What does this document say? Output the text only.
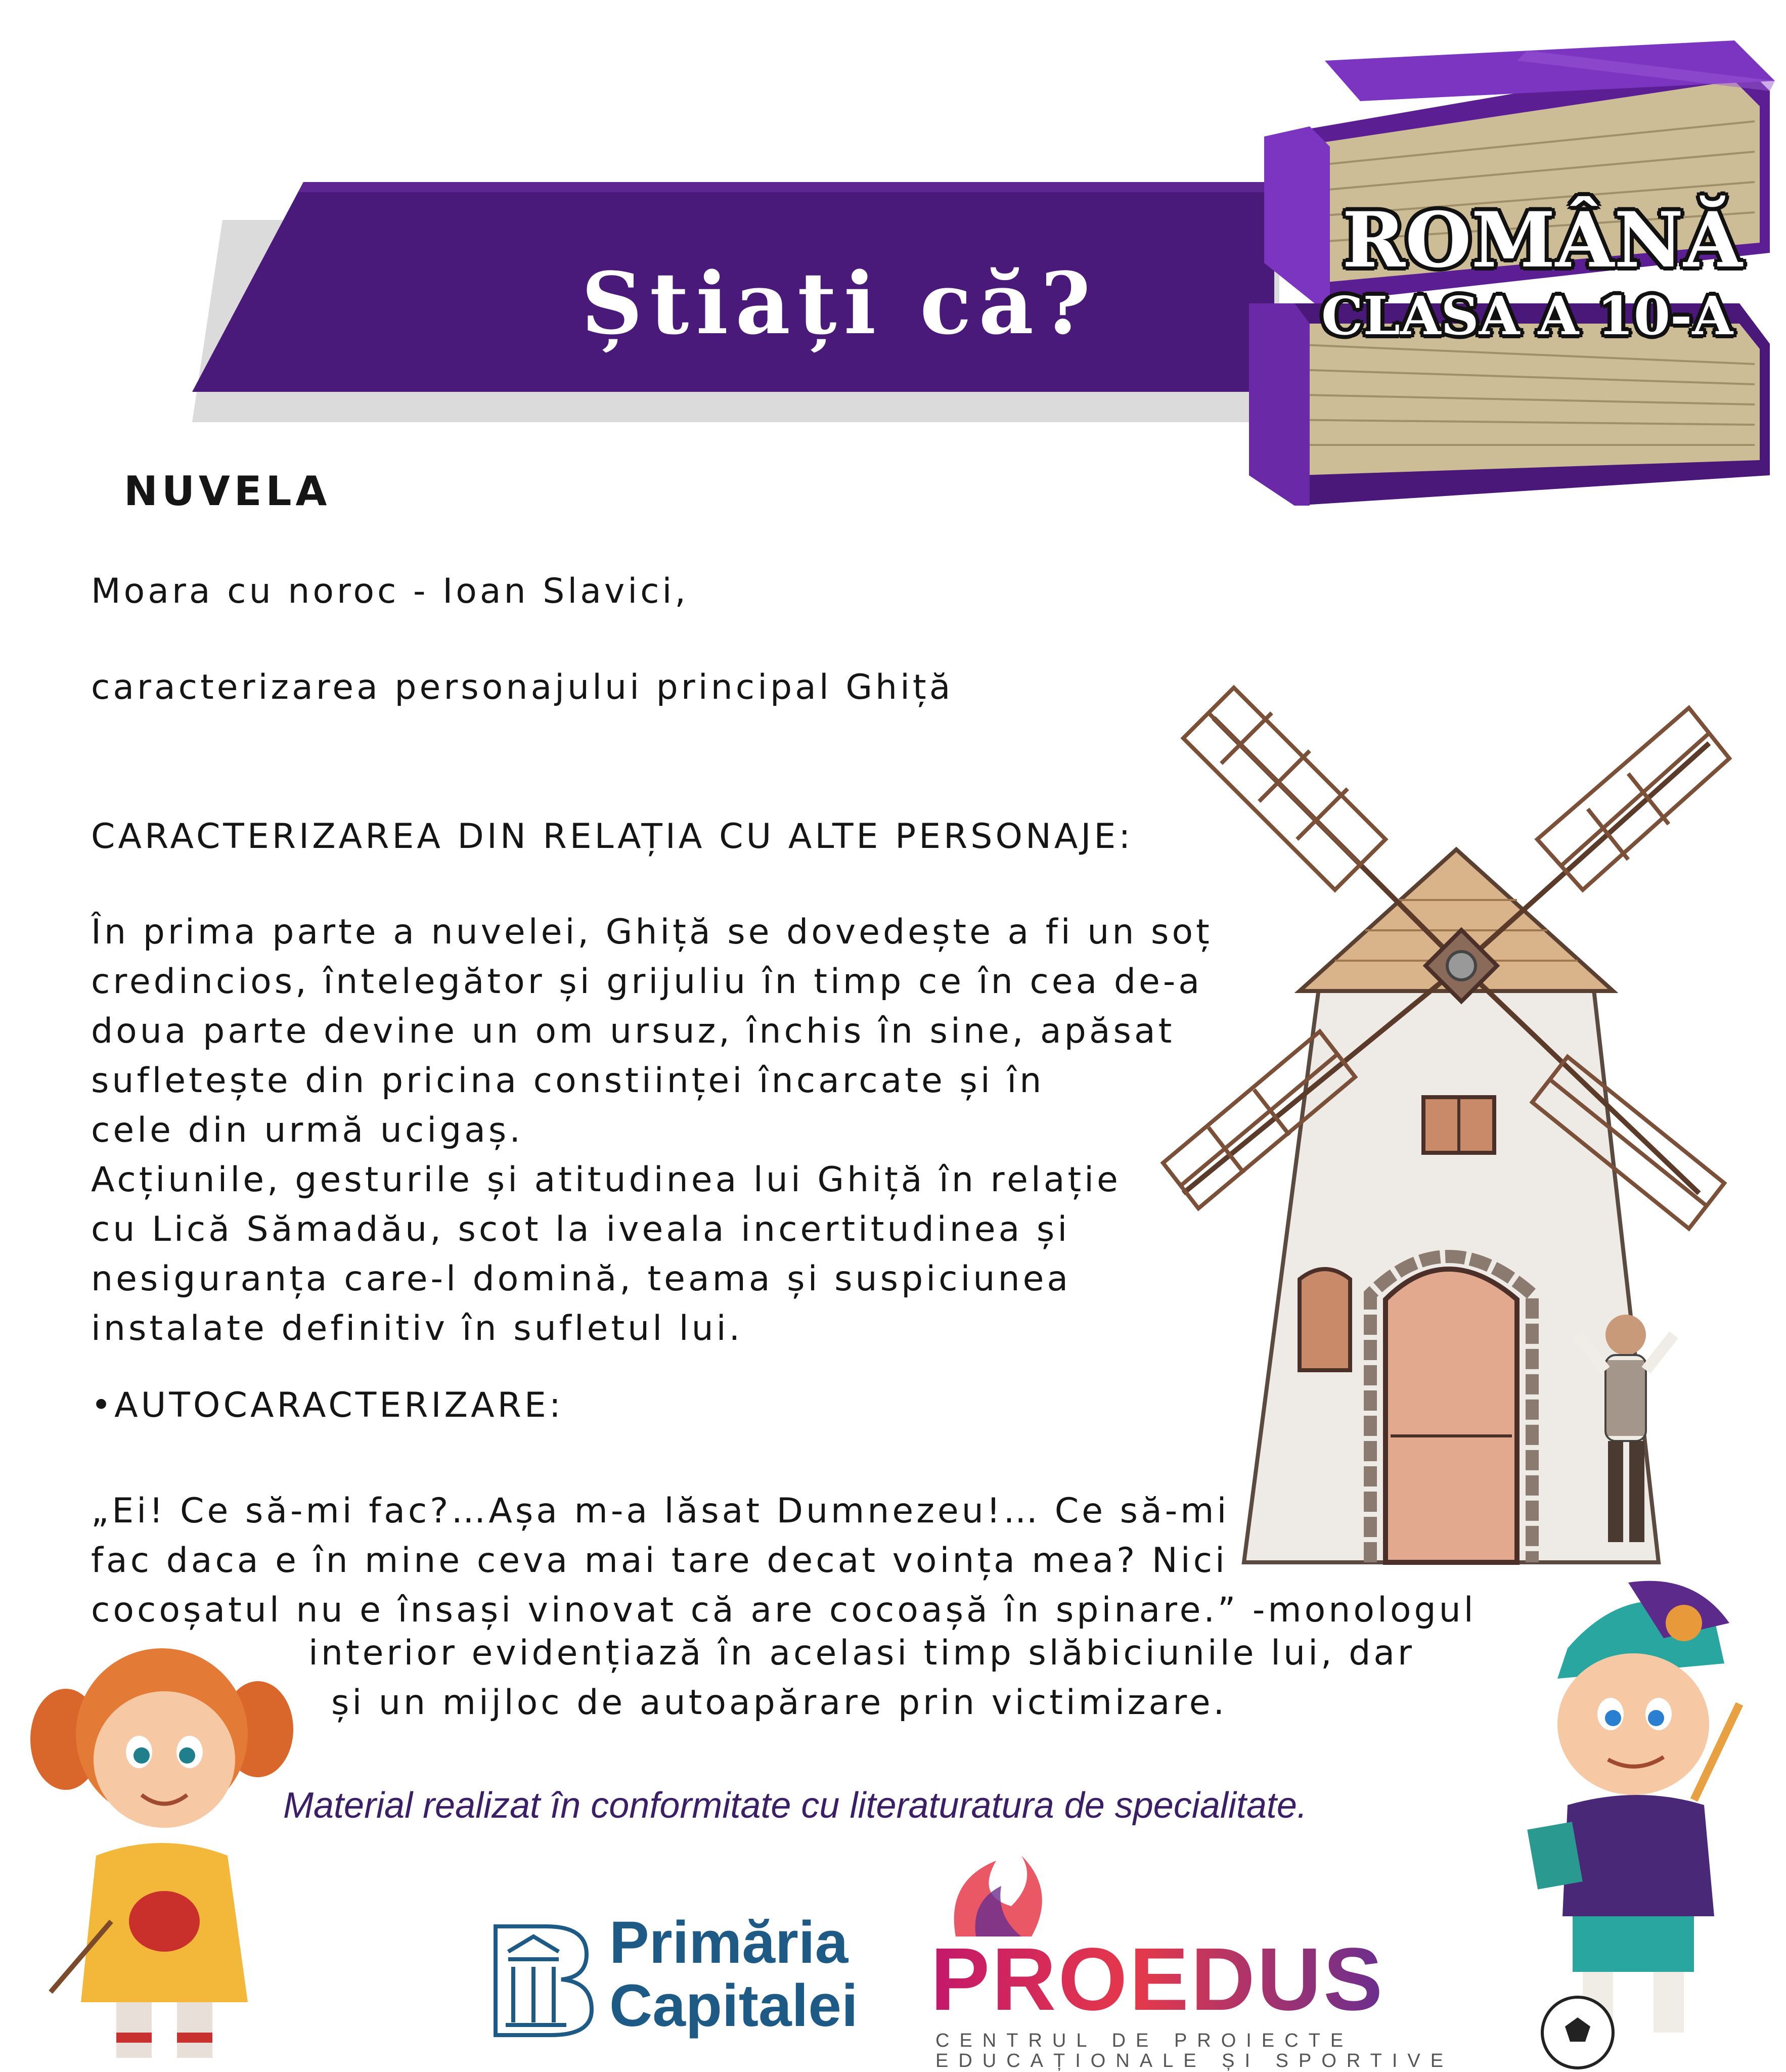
Știați că?
ROMÂNĂ
CLASA A 10-A
NUVELA
Moara cu noroc - Ioan Slavici,
caracterizarea personajului principal Ghiță
CARACTERIZAREA DIN RELAȚIA CU ALTE PERSONAJE:
În prima parte a nuvelei, Ghiță se dovedește a fi un soț
credincios, întelegător și grijuliu în timp ce în cea de-a
doua parte devine un om ursuz, închis în sine, apăsat
sufletește din pricina constiinței încarcate și în
cele din urmă ucigaș.
Acțiunile, gesturile și atitudinea lui Ghiță în relație
cu Lică Sămadău, scot la iveala incertitudinea și
nesiguranța care-l domină, teama și suspiciunea
instalate definitiv în sufletul lui.
•AUTOCARACTERIZARE:
„Ei! Ce să-mi fac?…Așa m-a lăsat Dumnezeu!… Ce să-mi
fac daca e în mine ceva mai tare decat voința mea? Nici
cocoșatul nu e însași vinovat că are cocoașă în spinare.” -monologul
interior evidențiază în acelasi timp slăbiciunile lui, dar
și un mijloc de autoapărare prin victimizare.
Material realizat în conformitate cu literaturatura de specialitate.
Primăria
Capitalei PROEDUS
CENTRUL DE PROIECTE
EDUCAȚIONALE ȘI SPORTIVE
